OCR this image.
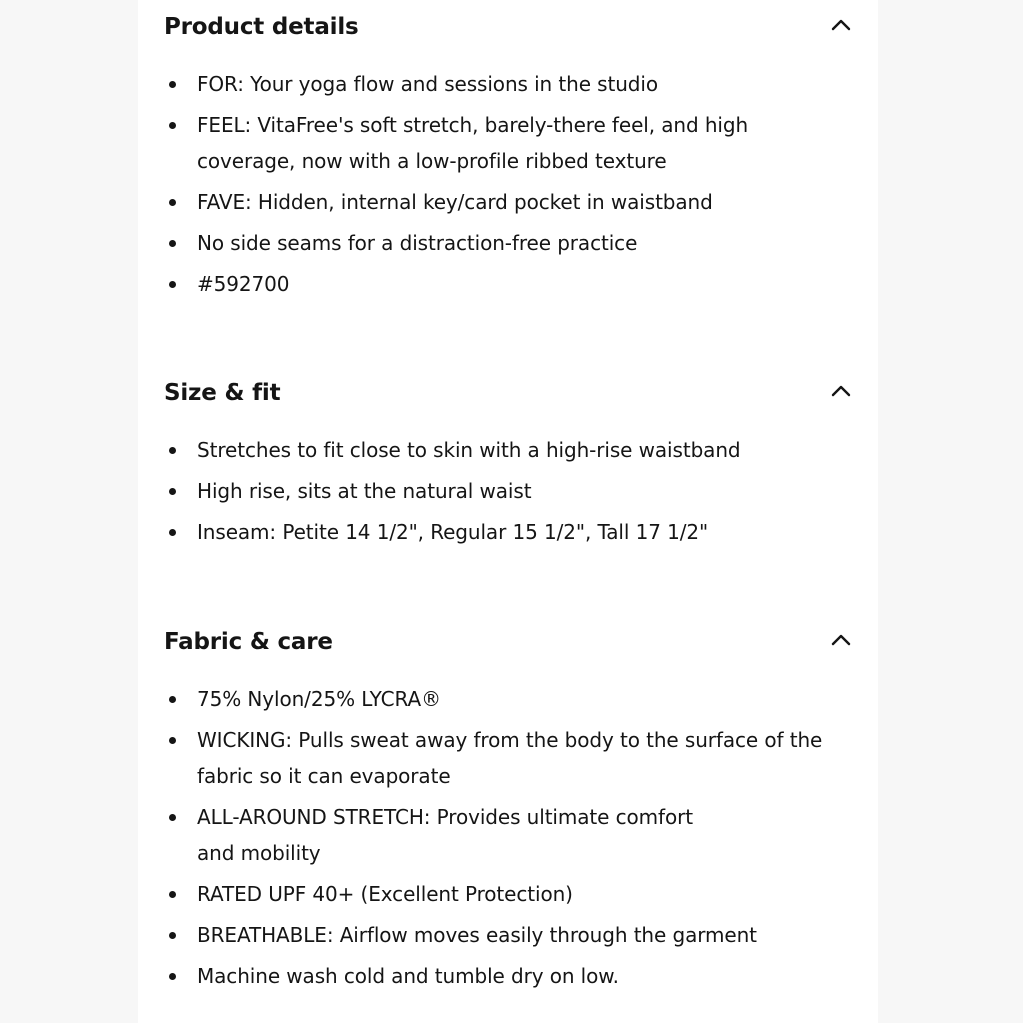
Product details
FOR: Your yoga flow and sessions in the studio
FEEL: VitaFree's soft stretch, barely-there feel, and high coverage, now with a low-profile ribbed texture
FAVE: Hidden, internal key/card pocket in waistband
No side seams for a distraction-free practice
#592700
Size & fit
Stretches to fit close to skin with a high-rise waistband
High rise, sits at the natural waist
Inseam: Petite 14 1/2", Regular 15 1/2", Tall 17 1/2"
Fabric & care
75% Nylon/25% LYCRA®
WICKING: Pulls sweat away from the body to the surface of the fabric so it can evaporate
ALL-AROUND STRETCH: Provides ultimate comfort and mobility
RATED UPF 40+ (Excellent Protection)
BREATHABLE: Airflow moves easily through the garment
Machine wash cold and tumble dry on low.
